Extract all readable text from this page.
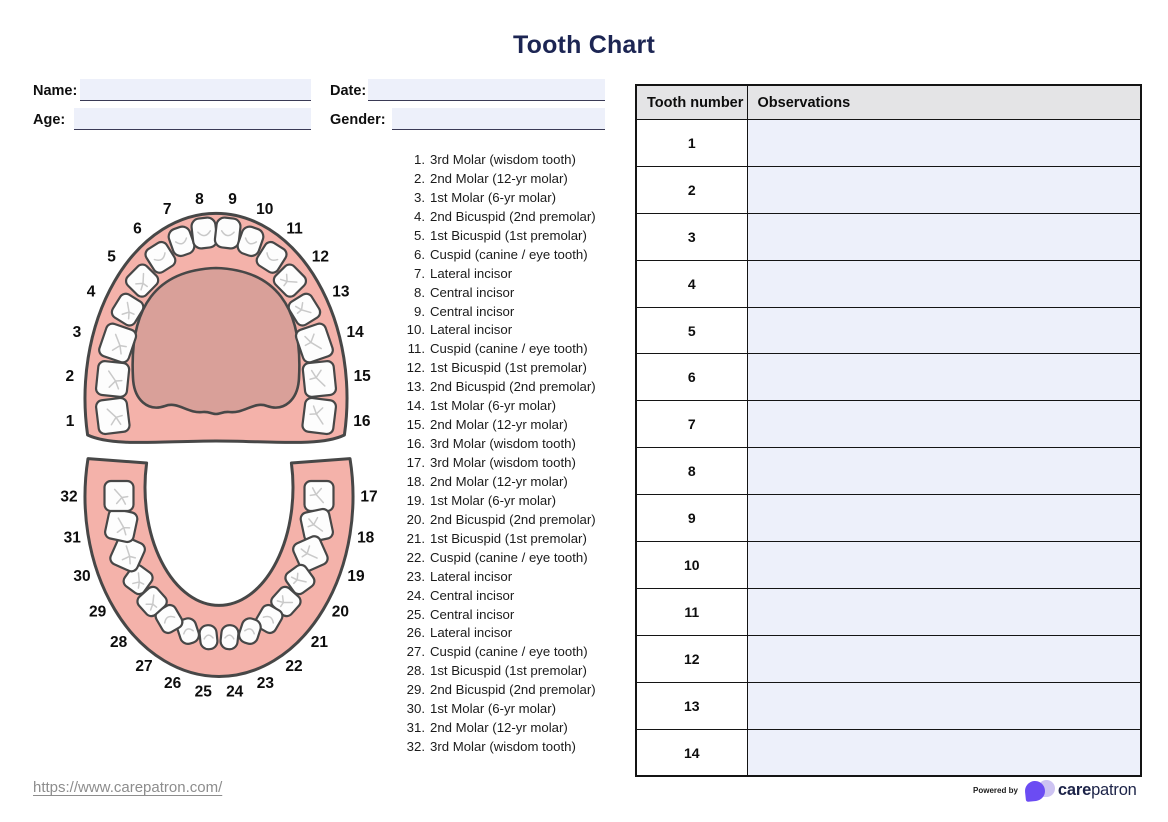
Tooth Chart
Name:	Date:
Age:	Gender:
1
2
3
4
5
6
7
8 9
10
11
12
13
14
15
16
17
18
19
20
21
22
23
24
25
26
27
28
29
30
31
32
1. 3rd Molar (wisdom tooth)
2. 2nd Molar (12-yr molar)
3. 1st Molar (6-yr molar)
4. 2nd Bicuspid (2nd premolar)
5. 1st Bicuspid (1st premolar)
6. Cuspid (canine / eye tooth)
7. Lateral incisor
8. Central incisor
9. Central incisor
10. Lateral incisor
11. Cuspid (canine / eye tooth)
12. 1st Bicuspid (1st premolar)
13. 2nd Bicuspid (2nd premolar)
14. 1st Molar (6-yr molar)
15. 2nd Molar (12-yr molar)
16. 3rd Molar (wisdom tooth)
17. 3rd Molar (wisdom tooth)
18. 2nd Molar (12-yr molar)
19. 1st Molar (6-yr molar)
20. 2nd Bicuspid (2nd premolar)
21. 1st Bicuspid (1st premolar)
22. Cuspid (canine / eye tooth)
23. Lateral incisor
24. Central incisor
25. Central incisor
26. Lateral incisor
27. Cuspid (canine / eye tooth)
28. 1st Bicuspid (1st premolar)
29. 2nd Bicuspid (2nd premolar)
30. 1st Molar (6-yr molar)
31. 2nd Molar (12-yr molar)
32. 3rd Molar (wisdom tooth)
Tooth number	Observations
1	
2	
3	
4	
5	
6	
7	
8	
9	
10	
11	
12	
13	
14	
https://www.carepatron.com/	Powered by carepatron
